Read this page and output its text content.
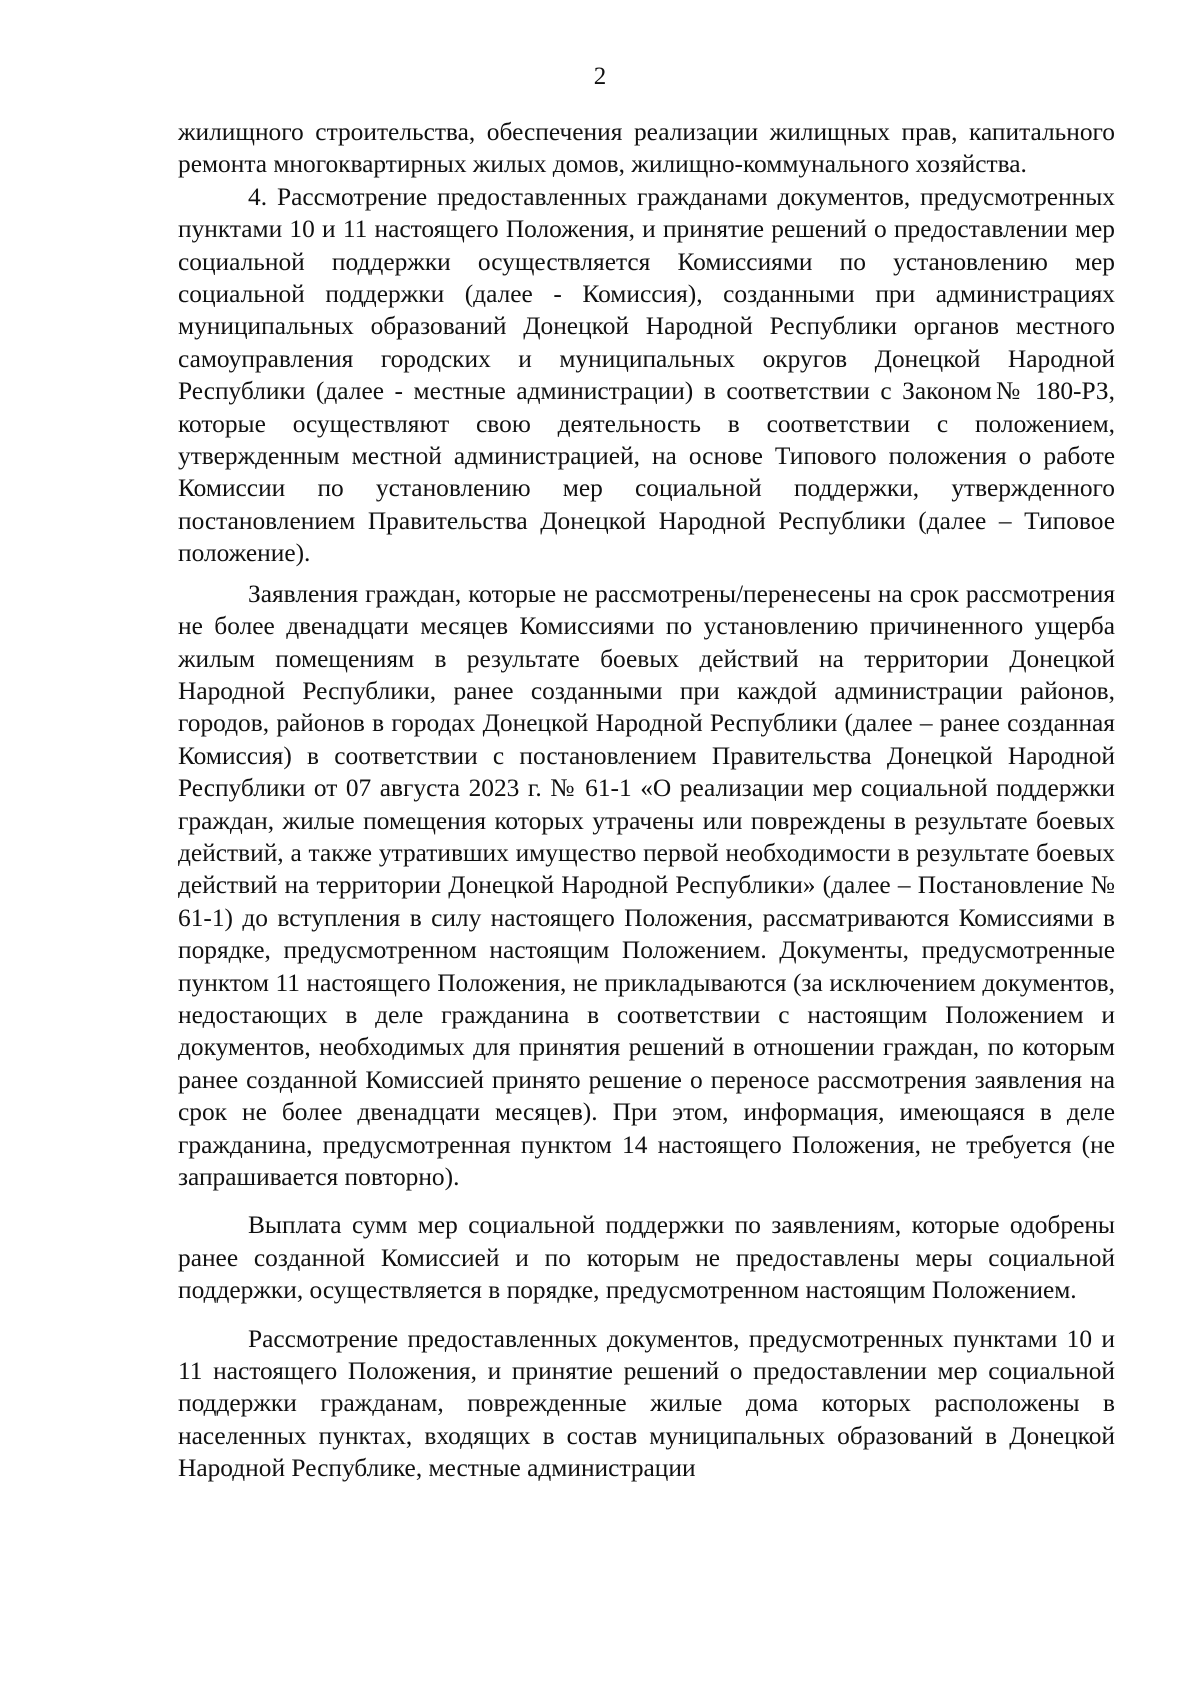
2

жилищного строительства, обеспечения реализации жилищных прав, капитального ремонта многоквартирных жилых домов, жилищно-коммунального хозяйства.

4. Рассмотрение предоставленных гражданами документов, предусмотренных пунктами 10 и 11 настоящего Положения, и принятие решений о предоставлении мер социальной поддержки осуществляется Комиссиями по установлению мер социальной поддержки (далее - Комиссия), созданными при администрациях муниципальных образований Донецкой Народной Республики органов местного самоуправления городских и муниципальных округов Донецкой Народной Республики (далее - местные администрации) в соответствии с Законом№ 180-РЗ, которые осуществляют свою деятельность в соответствии с положением, утвержденным местной администрацией, на основе Типового положения о работе Комиссии по установлению мер социальной поддержки, утвержденного постановлением Правительства Донецкой Народной Республики (далее – Типовое положение).

Заявления граждан, которые не рассмотрены/перенесены на срок рассмотрения не более двенадцати месяцев Комиссиями по установлению причиненного ущерба жилым помещениям в результате боевых действий на территории Донецкой Народной Республики, ранее созданными при каждой администрации районов, городов, районов в городах Донецкой Народной Республики (далее – ранее созданная Комиссия) в соответствии с постановлением Правительства Донецкой Народной Республики от 07 августа 2023 г. № 61-1 «О реализации мер социальной поддержки граждан, жилые помещения которых утрачены или повреждены в результате боевых действий, а также утративших имущество первой необходимости в результате боевых действий на территории Донецкой Народной Республики» (далее – Постановление № 61-1) до вступления в силу настоящего Положения, рассматриваются Комиссиями в порядке, предусмотренном настоящим Положением. Документы, предусмотренные пунктом 11 настоящего Положения, не прикладываются (за исключением документов, недостающих в деле гражданина в соответствии с настоящим Положением и документов, необходимых для принятия решений в отношении граждан, по которым ранее созданной Комиссией принято решение о переносе рассмотрения заявления на срок не более двенадцати месяцев). При этом, информация, имеющаяся в деле гражданина, предусмотренная пунктом 14 настоящего Положения, не требуется (не запрашивается повторно).

Выплата сумм мер социальной поддержки по заявлениям, которые одобрены ранее созданной Комиссией и по которым не предоставлены меры социальной поддержки, осуществляется в порядке, предусмотренном настоящим Положением.

Рассмотрение предоставленных документов, предусмотренных пунктами 10 и 11 настоящего Положения, и принятие решений о предоставлении мер социальной поддержки гражданам, поврежденные жилые дома которых расположены в населенных пунктах, входящих в состав муниципальных образований в Донецкой Народной Республике, местные администрации
